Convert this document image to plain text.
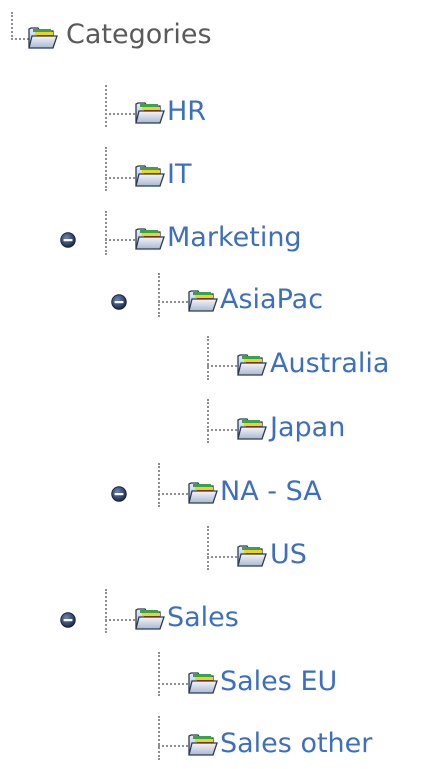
Categories
HR
IT
Marketing
AsiaPac
Australia
Japan
NA - SA
US
Sales
Sales EU
Sales other
